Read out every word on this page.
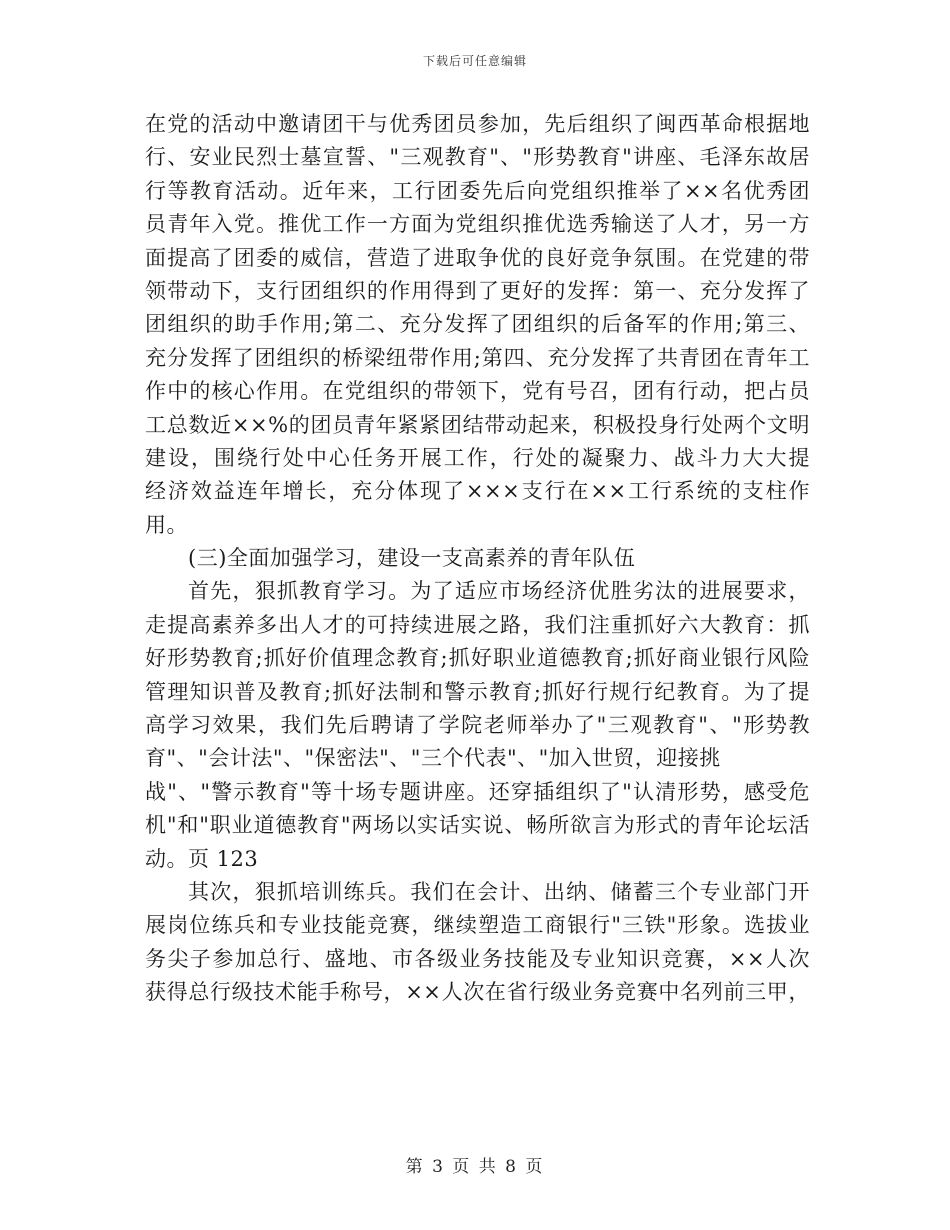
下载后可任意编辑
在党的活动中邀请团干与优秀团员参加，先后组织了闽西革命根据地
行、安业民烈士墓宣誓、"三观教育"、"形势教育"讲座、毛泽东故居
行等教育活动。近年来，工行团委先后向党组织推举了××名优秀团
员青年入党。推优工作一方面为党组织推优选秀输送了人才，另一方
面提高了团委的威信，营造了进取争优的良好竞争氛围。在党建的带
领带动下，支行团组织的作用得到了更好的发挥：第一、充分发挥了
团组织的助手作用;第二、充分发挥了团组织的后备军的作用;第三、
充分发挥了团组织的桥梁纽带作用;第四、充分发挥了共青团在青年工
作中的核心作用。在党组织的带领下，党有号召，团有行动，把占员
工总数近××%的团员青年紧紧团结带动起来，积极投身行处两个文明
建设，围绕行处中心任务开展工作，行处的凝聚力、战斗力大大提
经济效益连年增长，充分体现了×××支行在××工行系统的支柱作
用。
(三)全面加强学习，建设一支高素养的青年队伍
首先，狠抓教育学习。为了适应市场经济优胜劣汰的进展要求，
走提高素养多出人才的可持续进展之路，我们注重抓好六大教育：抓
好形势教育;抓好价值理念教育;抓好职业道德教育;抓好商业银行风险
管理知识普及教育;抓好法制和警示教育;抓好行规行纪教育。为了提
高学习效果，我们先后聘请了学院老师举办了"三观教育"、"形势教
育"、"会计法"、"保密法"、"三个代表"、"加入世贸，迎接挑
战"、"警示教育"等十场专题讲座。还穿插组织了"认清形势，感受危
机"和"职业道德教育"两场以实话实说、畅所欲言为形式的青年论坛活
动。页 123
其次，狠抓培训练兵。我们在会计、出纳、储蓄三个专业部门开
展岗位练兵和专业技能竞赛，继续塑造工商银行"三铁"形象。选拔业
务尖子参加总行、盛地、市各级业务技能及专业知识竞赛，××人次
获得总行级技术能手称号，××人次在省行级业务竞赛中名列前三甲，
第 3 页 共 8 页
